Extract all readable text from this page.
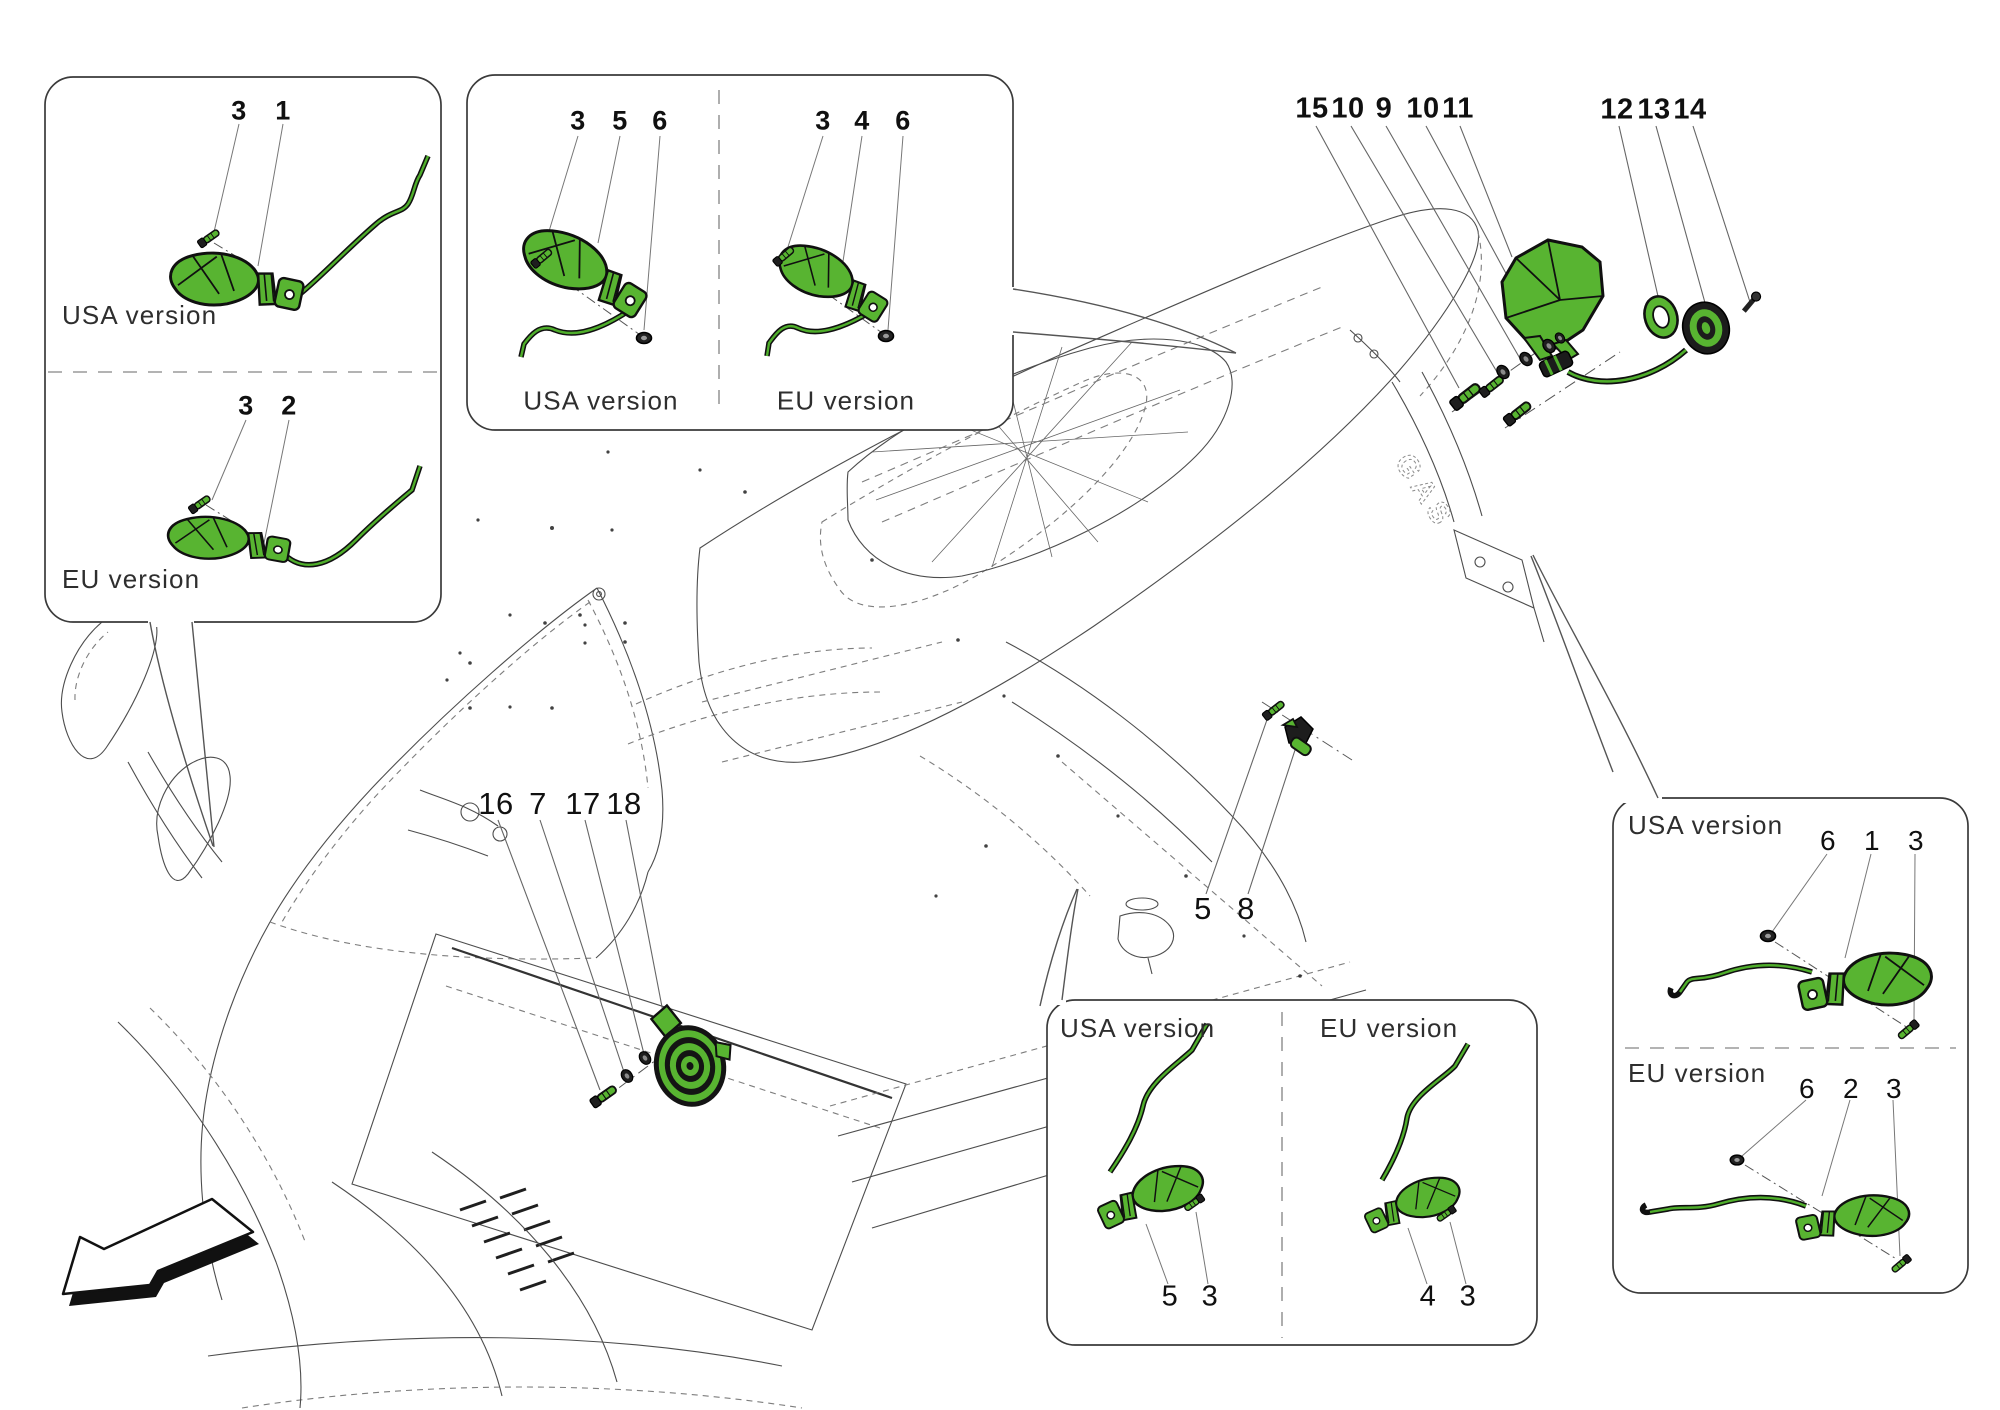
GAS
15 10 9 10 11	12 13 14
16 7 17 18
5 8
USA version
EU version
3 1
3 2	USA version	EU version
3 5 6	3 4 6
USA version	EU version
5 3	4 3
USA version
EU version
6 1 3
6 2 3
